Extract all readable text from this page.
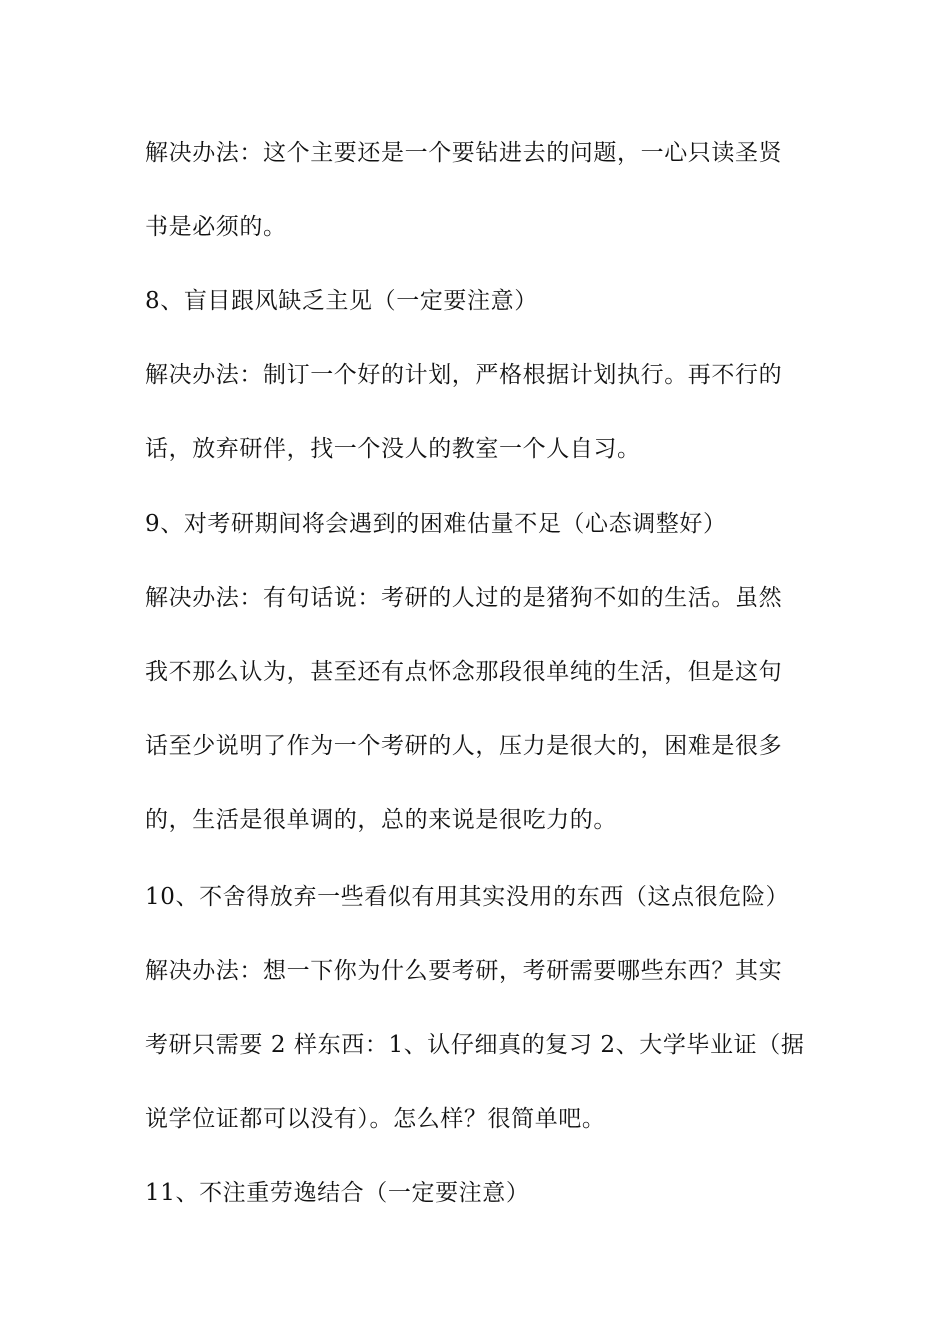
解决办法：这个主要还是一个要钻进去的问题，一心只读圣贤
书是必须的。
8、盲目跟风缺乏主见（一定要注意）
解决办法：制订一个好的计划，严格根据计划执行。再不行的
话，放弃研伴，找一个没人的教室一个人自习。
9、对考研期间将会遇到的困难估量不足（心态调整好）
解决办法：有句话说：考研的人过的是猪狗不如的生活。虽然
我不那么认为，甚至还有点怀念那段很单纯的生活，但是这句
话至少说明了作为一个考研的人，压力是很大的，困难是很多
的，生活是很单调的，总的来说是很吃力的。
10、不舍得放弃一些看似有用其实没用的东西（这点很危险）
解决办法：想一下你为什么要考研，考研需要哪些东西？其实
考研只需要 2 样东西：1、认仔细真的复习 2、大学毕业证（据
说学位证都可以没有）。怎么样？很简单吧。
11、不注重劳逸结合（一定要注意）
